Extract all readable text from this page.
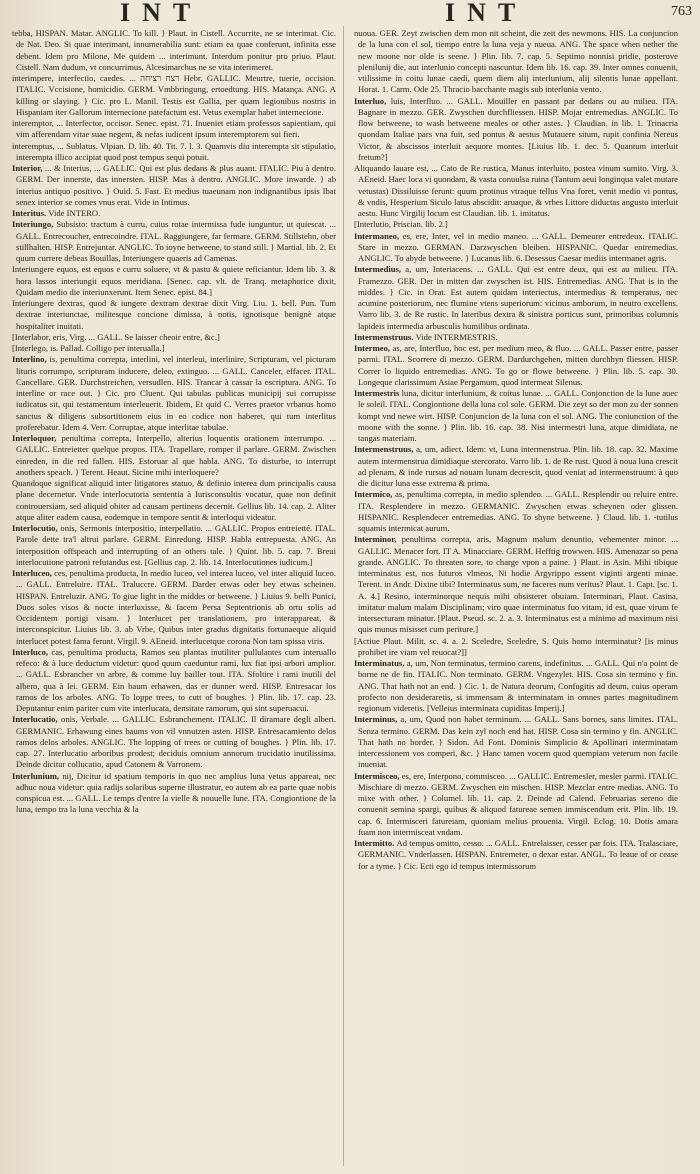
INT	INT	763

tebba, HISPAN. Matar. ANGLIC. To kill. } Plaut. in Cistell. Accurrite, ne se interimat. Cic. de Nat. Deo. Si quae interimant, innumerabilia sunt: etiam ea quae conferunt, infinita esse debent. Idem pro Milone, Me quidem ... interimunt. Interdum ponitur pro priuo. Plaut. Cistell. Nam dudum, vt concurrimus, Alcesimarchus ne se vita interimeret.

interimpere, interfectio, caedes. ... רצח רציחה Hebr. GALLIC. Meurtre, tuerie, occision. ITALIC. Vccisione, homicidio. GERM. Vmbbringung, ertoedtung. HIS. Matança. ANG. A killing or slaying. } Cic. pro L. Manil. Testis est Gallia, per quam legionibus nostris in Hispaniam iter Gallorum internecione patefactum est. Vetus exemplar habet internecione.

interemptor, ... Interfector, occisor. Senec. epist. 71. Inueniet etiam professos sapientiam, qui vim afferendam vitae suae negent, & nefas iudicent ipsum interemptorem sui fieri.

interemptus, ... Sublatus. Vlpian. D. lib. 40. Tit. 7. l. 3. Quamvis diu interempta sit stipulatio, interempta illico accipiat quod post tempus sequi potuit.

Interior, ... & Interius, ... GALLIC. Qui est plus dedans & plus auant. ITALIC. Piu à dentro. GERM. Der innerste, das innersten. HISP. Mas à dentro. ANGLIC. More inwarde. } ab interius antiquo positivo. } Ouid. 5. Fast. Et medius tuaeunam non indignantibus ipsis Ibat senex interior se comes vnus erat. Vide in Intimus.

Interitus. Vide INTERO.

Interiungo, Subsisto: tractum à curru, cuius rotae intermissa fude iunguntur, ut quiescat. ... GALL. Entrecoucher, entrecoindre. ITAL. Raggiungere, far fermare. GERM. Stillstehn, ober stillhalten. HISP. Entrejuntar. ANGLIC. To ioyne betweene, to stand still. } Martial. lib. 2. Et quum currere debeas Bouillas, Interiungere quaeris ad Camenas.

Interiungere equos, est equos e curru soluere, vt & pastu & quiete reficiantur. Idem lib. 3. & hora lassos interiungit equos meridiana. [Senec. cap. vlt. de Tranq. metaphorice dixit, Quidam medio die interiunxerunt. Item Senec. epist. 84.]

Interiungere dextras, quod & iungere dextram dextrae dixit Virg. Liu. 1. bell. Pun. Tum dextrae interiunctae, militesque concione dimissa, à notis, ignotisque benignè atque hospitaliter inuitati.

[Interlabor, eris, Virg. ... GALL. Se laisser cheoir entre, &c.]

[Interlego, is. Pallad. Colligo per interualla.]

Interlino, is, penultima correpta, interlini, vel interleui, interlinire, Scripturam, vel picturam lituris corrumpo, scripturam inducere, deleo, extinguo. ... GALL. Canceler, effacer. ITAL. Cancellare. GER. Durchstreichen, versudlen. HIS. Trancar à cassar la escriptura. ANG. To interline or race out. } Cic. pro Cluent. Qui tabulas publicas municipij sui corrupisse iudicatus sit, qui testamentum interleuerit. Ibidem, Et quid C. Verres praetor vrbanus homo sanctus & diligens subsortitionem eius in eo codice non haberet, qui tum interlitus proferebatur. Idem 4. Verr. Corruptae, atque interlitae tabulae.

Interloquor, penultima correpta, Interpello, alterius loquentis orationem interrumpo. ... GALLIC. Entreietter quelque propos. ITA. Trapellare, romper il parlare. GERM. Zwischen einreden, in die red fallen. HIS. Estoruar al que habla. ANG. To disturbe, to interrupt anothers speach. } Terent. Heaut. Sicine mihi interloquere?

Quandoque significat aliquid inter litigatores statuo, & definio interea dum principalis causa plane decernetur. Vnde interlocutoria sententia à Iurisconsultis vocatur, quae non definit controuersiam, sed aliquid obiter ad causam pertinens decernit. Gellius lib. 14. cap. 2. Aliter atque aliter eadem causa, eodemque in tempore sentit & interloqui videatur.

Interlocutio, onis, Sermonis interpositio, interpellatio. ... GALLIC. Propos entreietté. ITAL. Parole dette tra'l altrui parlare. GERM. Einredung. HISP. Habla entrepuesta. ANG. An interposition offspeach and interrupting of an others tale. } Quint. lib. 5. cap. 7. Breui interlocutione patroni refutandus est. [Gellius cap. 2. lib. 14. Interlocutiones iudicum.]

Interluceo, ces, penultima producta, In medio luceo, vel interea luceo, vel inter aliquid luceo. ... GALL. Entreluire. ITAL. Traluccre. GERM. Darder etwas oder bey etwas scheinen. HISPAN. Entreluzir. ANG. To giue light in the middes or betweene. } Liuius 9. belli Punici, Duos soles visos & nocte interluxisse, & facem Persa Septentrionis ab ortu solis ad Occidentem portigi visam. } Interlucet per translationem, pro interappareat, & interconspicitur. Liuius lib. 3. ab Vrbe, Quibus inter gradus dignitatis fortunaeque aliquid interlucet potest fama ferunt. Virgil. 9. AEneid. interlucetque corona Non tam spissa viris.

Interluco, cas, penultima producta, Ramos seu plantas inutiliter pullulantes cum interuallo refeco: & à luce deductum videtur: quod quum caeduntur rami, lux fiat ipsi arbori amplior. ... GALL. Esbrancher vn arbre, & comme luy bailler tout. ITA. Sfoltire i rami inutili del albero, qua à lei. GERM. Ein baum erhawen, das er dunner werd. HISP. Entresacar los ramos de los arboles. ANG. To loppe trees, to cutt of boughes. } Plin. lib. 17. cap. 23. Deputantur enim pariter cum vite interlucata, densitate ramorum, qui sint superuacui.

Interlucatio, onis, Verbale. ... GALLIC. Esbranchement. ITALIC. Il diramare degli alberi. GERMANIC. Erhawung eines baums von vil vnnutzen asten. HISP. Entresacamiento delos ramos delos arboles. ANGLIC. The lopping of trees or cutting of boughes. } Plin. lib. 17. cap. 27. Interlucatio arboribus prodest; deciduis omnium annorum trucidatio inutilissima. Deinde dicitur collucatio, apud Catonem & Varronem.

Interlunium, nij, Dicitur id spatium temporis in quo nec amplius luna vetus appareat, nec adhuc noua videtur: quia radijs solaribus superne illustratur, eo autem ab ea parte quae nobis conspicua est. ... GALL. Le temps d'entre la vielle & nouuelle lune. ITA. Congiontione de la luna, tempo tra la luna vecchia & la

nuoua. GER. Zeyt zwischen dem mon nit scheint, die zeit des newmons. HIS. La conjuncion de la luna con el sol, tiempo entre la luna veja y nueua. ANG. The space when nether the new moone nor olde is seene. } Plin. lib. 7. cap. 5. Septimo nonnisi pridie, posterove plenilunij die, aut interlunio concepti nascuntur. Idem lib. 16. cap. 39. Inter omnes conuenit, vtilissime in coitu lunae caedi, quem diem alij interlunium, alij silentis lunae appellant. Horat. 1. Carm. Ode 25. Thracio bacchante magis sub interlunia vento.

Interluo, luis, Interfluo. ... GALL. Mouiller en passant par dedans ou au milieu. ITA. Bagnare in mezzo. GER. Zwyschen durchfliessen. HISP. Mojar entremedias. ANGLIC. To flow betweene, to wash betweene meales or other astes. } Claudian. in lib. 1. Trinacria quondam Italiae pars vna fuit, sed pontus & aestus Mutauere situm, rupit confinia Nereus Victor, & abscissos interluit aequore montes. [Liuius lib. 1. dec. 5. Quantum interluit fretum?]

Aliquando lauare est, ... Cato de Re rustica, Manus interluito, postea vinum sumito. Virg. 3. AEneid. Haec loca vi quondam, & vasta conuulsa ruina (Tantum aeui longinqua valet mutare vetustas) Dissiluisse ferunt: quum protinus vtraque tellus Vna foret, venit medio vi pontus, & vndis, Hesperium Siculo latus abscidit: aruaque, & vrbes Littore diductas angusto interluit aestu. Hunc Virgilij locum est Claudian. lib. 1. imitatus.

[Interlutio, Priscian. lib. 2.]

Intermaneo, es, ere, Inter, vel in medio maneo. ... GALL. Demeurer entredeux. ITALIC. Stare in mezzo. GERMAN. Darzwyschen bleiben. HISPANIC. Quedar entremedias. ANGLIC. To abyde betweene. } Lucanus lib. 6. Desessus Caesar mediis intermanet agris.

Intermedius, a, um, Interiacens. ... GALL. Qui est entre deux, qui est au milieu. ITA. Framezzo. GER. Der in mitten dar zwyschen ist. HIS. Entremedias. ANG. That is in the middes. } Cic. in Orat. Est autem quidam interiectus, intermedius & temperatus, nec acumine posteriorum, nec flumine vtens superiorum: vicinus amborum, in neutro excellens. Varro lib. 3. de Re rustic. In lateribus dextra & sinistra porticus sunt, primoribus columnis lapideis intermedia arbusculis humilibus ordinata.

Intermenstruus. Vide INTERMESTRIS.

Intermeo, as, are, Interfluo, hoc est, per medium meo, & fluo. ... GALL. Passer entre, passer parmi. ITAL. Scorrere di mezzo. GERM. Dardurchgehen, mitten durchhyn fliessen. HISP. Correr lo liquido entremedias. ANG. To go or flowe betweene. } Plin. lib. 5. cap. 30. Longeque clarissimum Asiae Pergamum, quod intermeat Silenus.

Intermestris luna, dicitur interlunium, & coitus lunae. ... GALL. Conjonction de la lune auec le soleil. ITAL. Congiontione della luna col sole. GERM. Die zeyt so der mon zu der sonnen kompt vnd newe wirt. HISP. Conjuncion de la luna con el sol. ANG. The coniunction of the moone with the sonne. } Plin. lib. 16. cap. 38. Nisi intermestri luna, atque dimidiata, ne tangas materiam.

Intermenstruus, a, um, adiect. Idem: vt, Luna intermenstrua. Plin. lib. 18. cap. 32. Maxime autem intermenstrua dimidiaque stercorato. Varro lib. 1. de Re rust. Quod à noua luna crescit ad plenam, & inde rursus ad nouam lunam decrescit, quod veniat ad intermenstruum: à quo die dicitur luna esse extrema & prima.

Intermico, as, penultima correpta, in medio splendeo. ... GALL. Resplendir ou reluire entre. ITA. Resplendere in mezzo. GERMANIC. Zwyschen etwas scheynen oder glissen. HISPANIC. Resplendecer entremedias. ANG. To shyne betweene. } Claud. lib. 1. -tutilus squamis intermicat aurum.

Interminor, penultima correpta, aris, Magnum malum denuntio, vehementer minor. ... GALLIC. Menacer fort. IT A. Minacciare. GERM. Hefftig trowwen. HIS. Amenazar so pena grande. ANGLIC. To threaten sore, to charge vpon a paine. } Plaut. in Asin. Mihi tibique interminatus est, nos futuros vlmeos, Ni hodie Argyrippo essent viginti argenti minae. Terent. in Andr. Dixine tibi? Interminatus sum, ne faceres num veritus? Plaut. 1. Capt. [sc. 1. A. 4.] Resino, interminorque nequis mihi obsisteret obuiam. Interminari, Plaut. Casina, imitatur malum malam Disciplinam; viro quae interminatus fuo vitam, id est, quae virum fe intersecturam minatur. [Plaut. Pseud. sc. 2. a. 3. Interminatus est a minimo ad maximum nisi quis munus misisset cum periture.]

[Actiue Plaut. Milit. sc. 4. a. 2. Sceledre, Sceledre, S. Quis homo interminatur? [is minus prohibet ire viam vel reuocat?]]

Interminatus, a, um, Non terminatus, termino carens, indefinitus. ... GALL. Qui n'a point de borne ne de fin. ITALIC. Non terminato. GERM. Vngezylet. HIS. Cosa sin termino y fin. ANG. That hath not an end. } Cic. 1. de Natura deorum, Confugitis ad deum, cuius operam profecto non desideraretis, si immensam & interminatam in omnes partes magnitudinem regionum videretis. [Velleius interminata cupiditas Imperij.]

Interminus, a, um, Quod non habet terminum. ... GALL. Sans bornes, sans limites. ITAL. Senza termino. GERM. Das kein zyl noch end hat. HISP. Cosa sin termino y fin. ANGLIC. That hath no border. } Sidon. Ad Font. Dominis Simplicio & Apollinari interminatam intercessionem vos comperi, &c. } Hanc tamen vocem quod quempiam veterum non facile inueniat.

Intermisceo, es, ere, Interpono, commisceo. ... GALLIC. Entremesler, mesler parmi. ITALIC. Mischiare di mezzo. GERM. Zwyschen ein mischen. HISP. Mezclar entre medias. ANG. To mixe with other. } Columel. lib. 11. cap. 2. Deinde ad Calend. Februarias sereno die conuenit semina spargi, quibus & aliquod fatureae semen immiscendum erit. Plin. lib. 19. cap. 6. Intermisceri fatureiam, quoniam melius prouenia. Virgil. Eclog. 10. Dotis amara fuam non intermisceat vndam.

Intermitto. Ad tempus omitto, cesso. ... GALL. Entrelaisser, cesser par fois. ITA. Tralasciare, GERMANIC. Vnderlassen. HISPAN. Entremeter, o dexar estar. ANGL. To leaue of or cease for a tyme. } Cic. Ecti ego id tempus intermissorum
